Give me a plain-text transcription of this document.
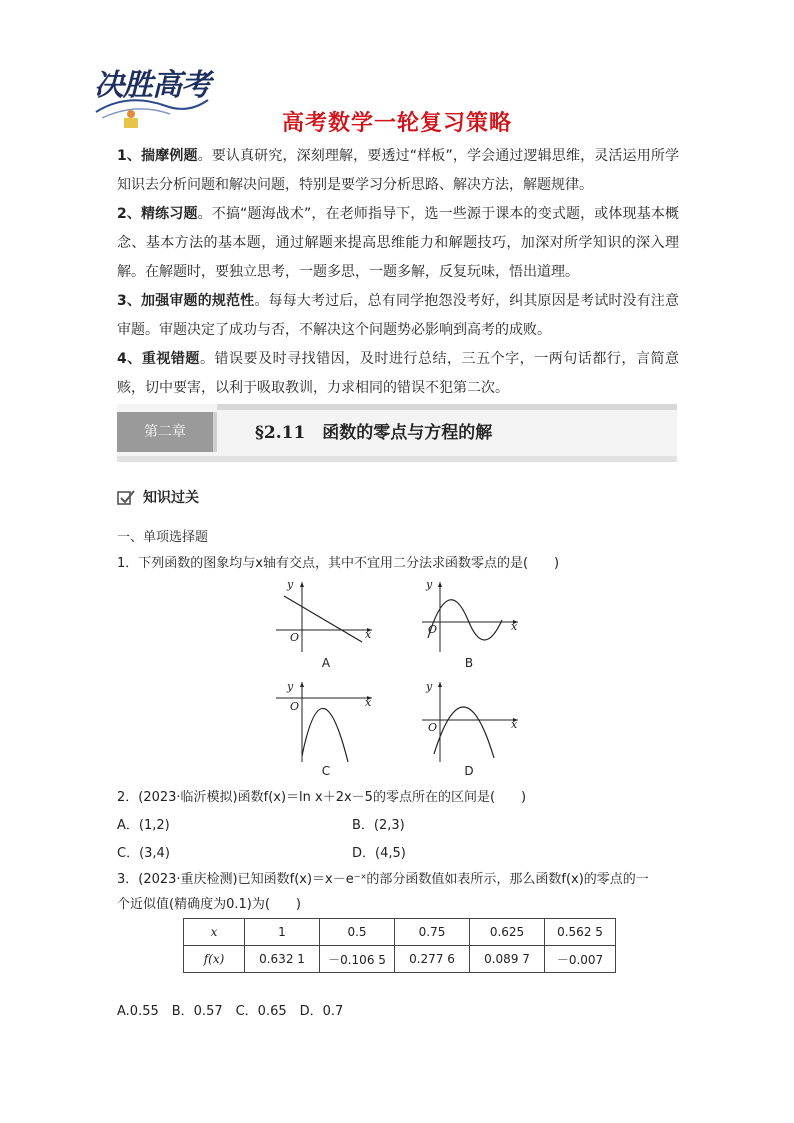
决胜高考
高考数学一轮复习策略

1、揣摩例题。要认真研究，深刻理解，要透过“样板”，学会通过逻辑思维，灵活运用所学知识去分析问题和解决问题，特别是要学习分析思路、解决方法，解题规律。

2、精练习题。不搞“题海战术”，在老师指导下，选一些源于课本的变式题，或体现基本概念、基本方法的基本题，通过解题来提高思维能力和解题技巧，加深对所学知识的深入理解。在解题时，要独立思考，一题多思，一题多解，反复玩味，悟出道理。

3、加强审题的规范性。每每大考过后，总有同学抱怨没考好，纠其原因是考试时没有注意审题。审题决定了成功与否，不解决这个问题势必影响到高考的成败。

4、重视错题。错误要及时寻找错因，及时进行总结，三五个字，一两句话都行，言简意赅，切中要害，以利于吸取教训，力求相同的错误不犯第二次。

第二章	§2.11　函数的零点与方程的解
知识过关
一、单项选择题
1．下列函数的图象均与x轴有交点，其中不宜用二分法求函数零点的是(　　)
y
x
O
A
y
x
O
B
y
x
O
C
y
x
O
D
2．(2023·临沂模拟)函数f(x)＝ln x＋2x－5的零点所在的区间是(　　)
A．(1,2)	B．(2,3)
C．(3,4)	D．(4,5)
3．(2023·重庆检测)已知函数f(x)＝x－e⁻ˣ的部分函数值如表所示，那么函数f(x)的零点的一
个近似值(精确度为0.1)为(　　)
x	1	0.5	0.75	0.625	0.562 5
f(x)	0.632 1	－0.106 5	0.277 6	0.089 7	－0.007
A.0.55　B．0.57　C．0.65　D．0.7
